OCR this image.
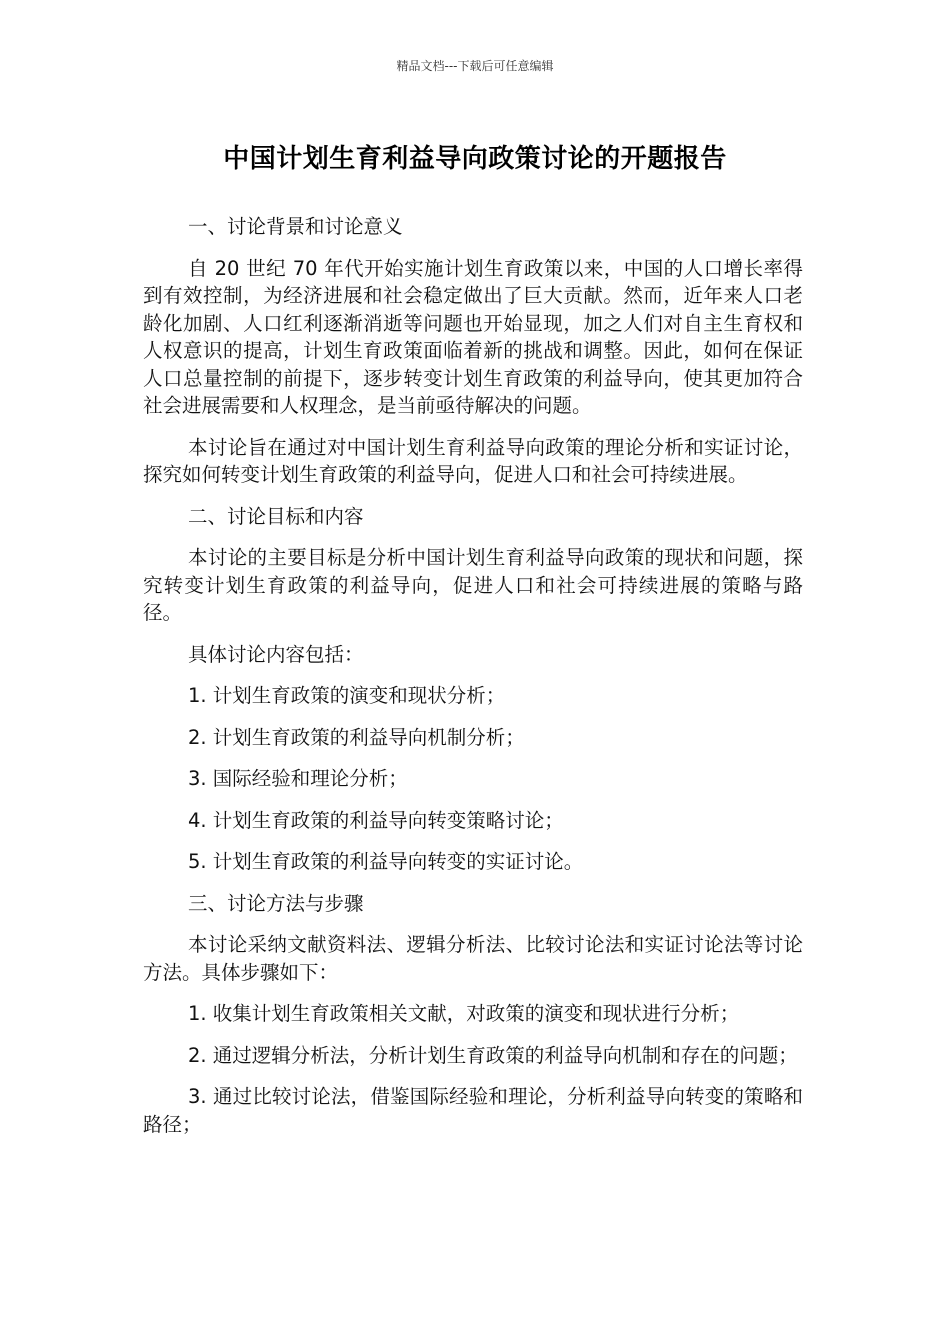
精品文档---下载后可任意编辑
中国计划生育利益导向政策讨论的开题报告

一、讨论背景和讨论意义

自 20 世纪 70 年代开始实施计划生育政策以来，中国的人口增长率得到有效控制，为经济进展和社会稳定做出了巨大贡献。然而，近年来人口老龄化加剧、人口红利逐渐消逝等问题也开始显现，加之人们对自主生育权和人权意识的提高，计划生育政策面临着新的挑战和调整。因此，如何在保证人口总量控制的前提下，逐步转变计划生育政策的利益导向，使其更加符合社会进展需要和人权理念，是当前亟待解决的问题。

本讨论旨在通过对中国计划生育利益导向政策的理论分析和实证讨论，探究如何转变计划生育政策的利益导向，促进人口和社会可持续进展。

二、讨论目标和内容

本讨论的主要目标是分析中国计划生育利益导向政策的现状和问题，探究转变计划生育政策的利益导向，促进人口和社会可持续进展的策略与路径。

具体讨论内容包括：

1. 计划生育政策的演变和现状分析；

2. 计划生育政策的利益导向机制分析；

3. 国际经验和理论分析；

4. 计划生育政策的利益导向转变策略讨论；

5. 计划生育政策的利益导向转变的实证讨论。

三、讨论方法与步骤

本讨论采纳文献资料法、逻辑分析法、比较讨论法和实证讨论法等讨论方法。具体步骤如下：

1. 收集计划生育政策相关文献，对政策的演变和现状进行分析；

2. 通过逻辑分析法，分析计划生育政策的利益导向机制和存在的问题；

3. 通过比较讨论法，借鉴国际经验和理论，分析利益导向转变的策略和路径；
